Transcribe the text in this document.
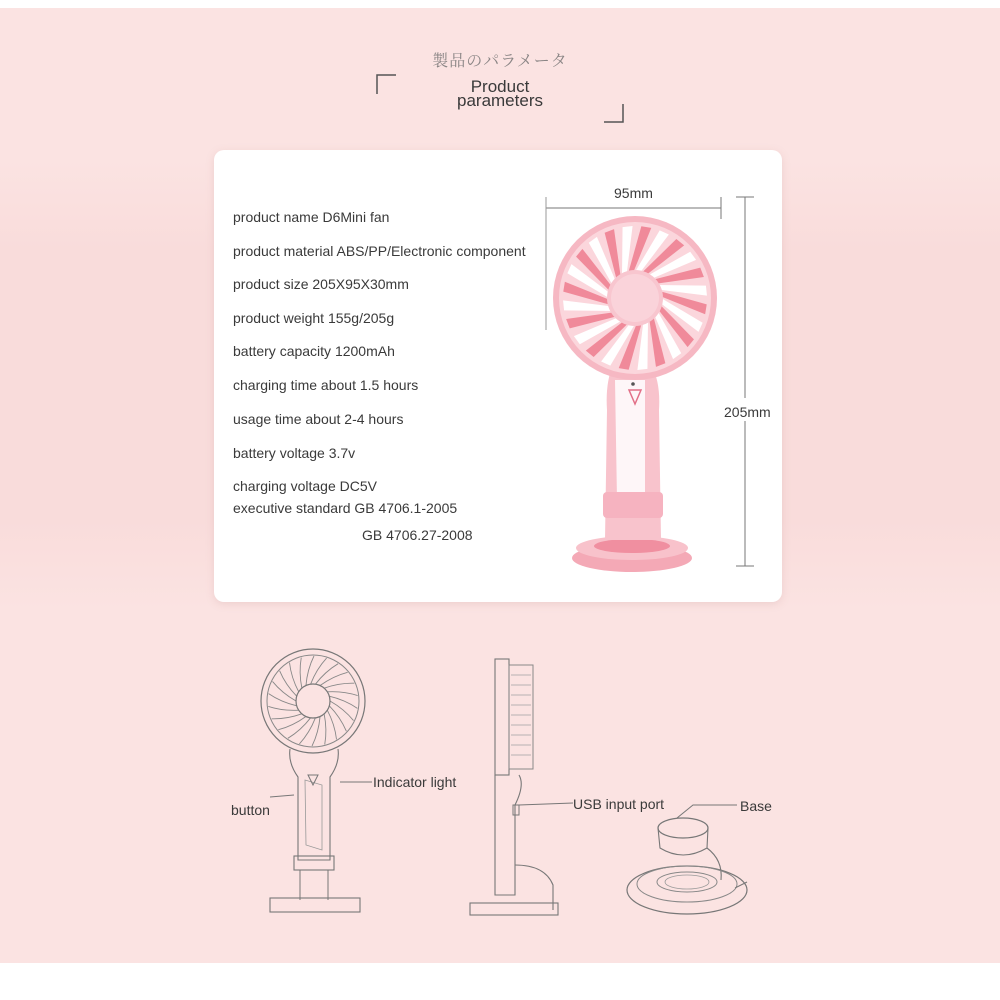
製品のパラメータ
Product
parameters
product name D6Mini fan
product material ABS/PP/Electronic component
product size 205X95X30mm
product weight 155g/205g
battery capacity 1200mAh
charging time about 1.5 hours
usage time about 2-4 hours
battery voltage 3.7v
charging voltage DC5V
executive standard GB 4706.1-2005
GB 4706.27-2008
95mm
205mm
Indicator light
button	USB input port	Base
